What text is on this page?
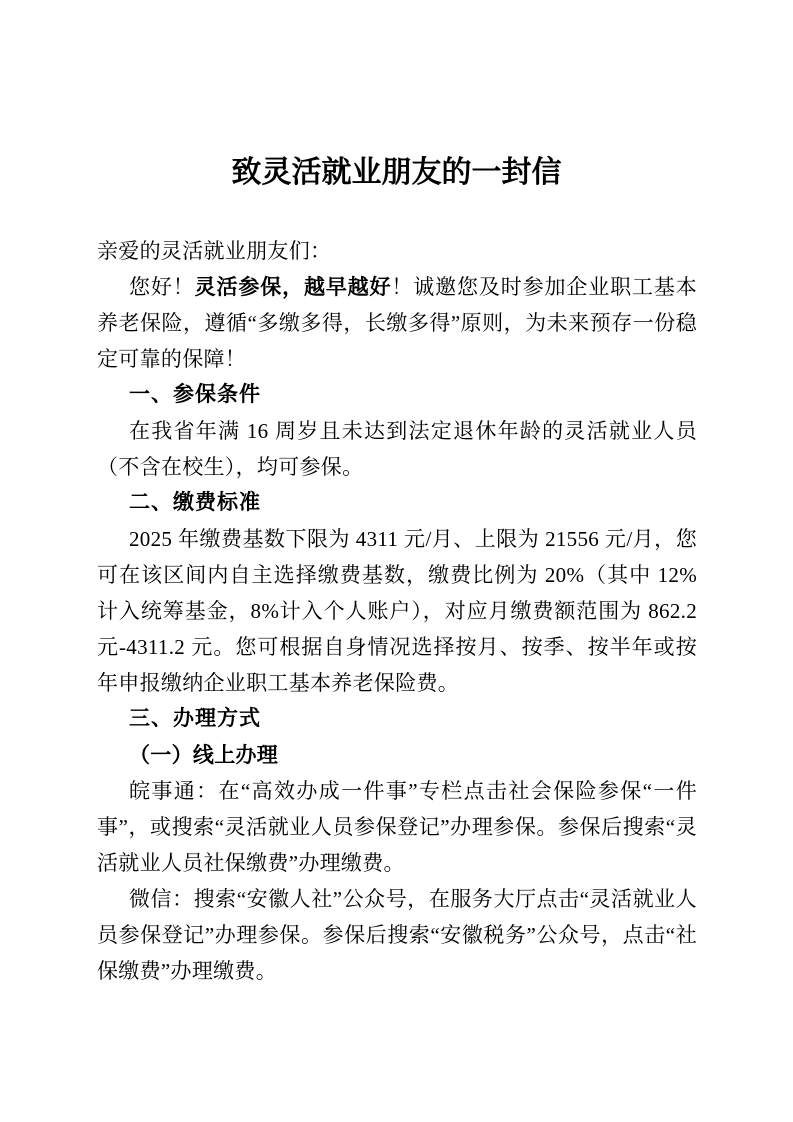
致灵活就业朋友的一封信

亲爱的灵活就业朋友们：

您好！灵活参保，越早越好！诚邀您及时参加企业职工基本养老保险，遵循“多缴多得，长缴多得”原则，为未来预存一份稳定可靠的保障！

一、参保条件

在我省年满 16 周岁且未达到法定退休年龄的灵活就业人员（不含在校生），均可参保。

二、缴费标准

2025 年缴费基数下限为 4311 元/月、上限为 21556 元/月，您可在该区间内自主选择缴费基数，缴费比例为 20%（其中 12%计入统筹基金，8%计入个人账户），对应月缴费额范围为 862.2 元-4311.2 元。您可根据自身情况选择按月、按季、按半年或按年申报缴纳企业职工基本养老保险费。

三、办理方式

（一）线上办理

皖事通：在“高效办成一件事”专栏点击社会保险参保“一件事”，或搜索“灵活就业人员参保登记”办理参保。参保后搜索“灵活就业人员社保缴费”办理缴费。

微信：搜索“安徽人社”公众号，在服务大厅点击“灵活就业人员参保登记”办理参保。参保后搜索“安徽税务”公众号，点击“社保缴费”办理缴费。
